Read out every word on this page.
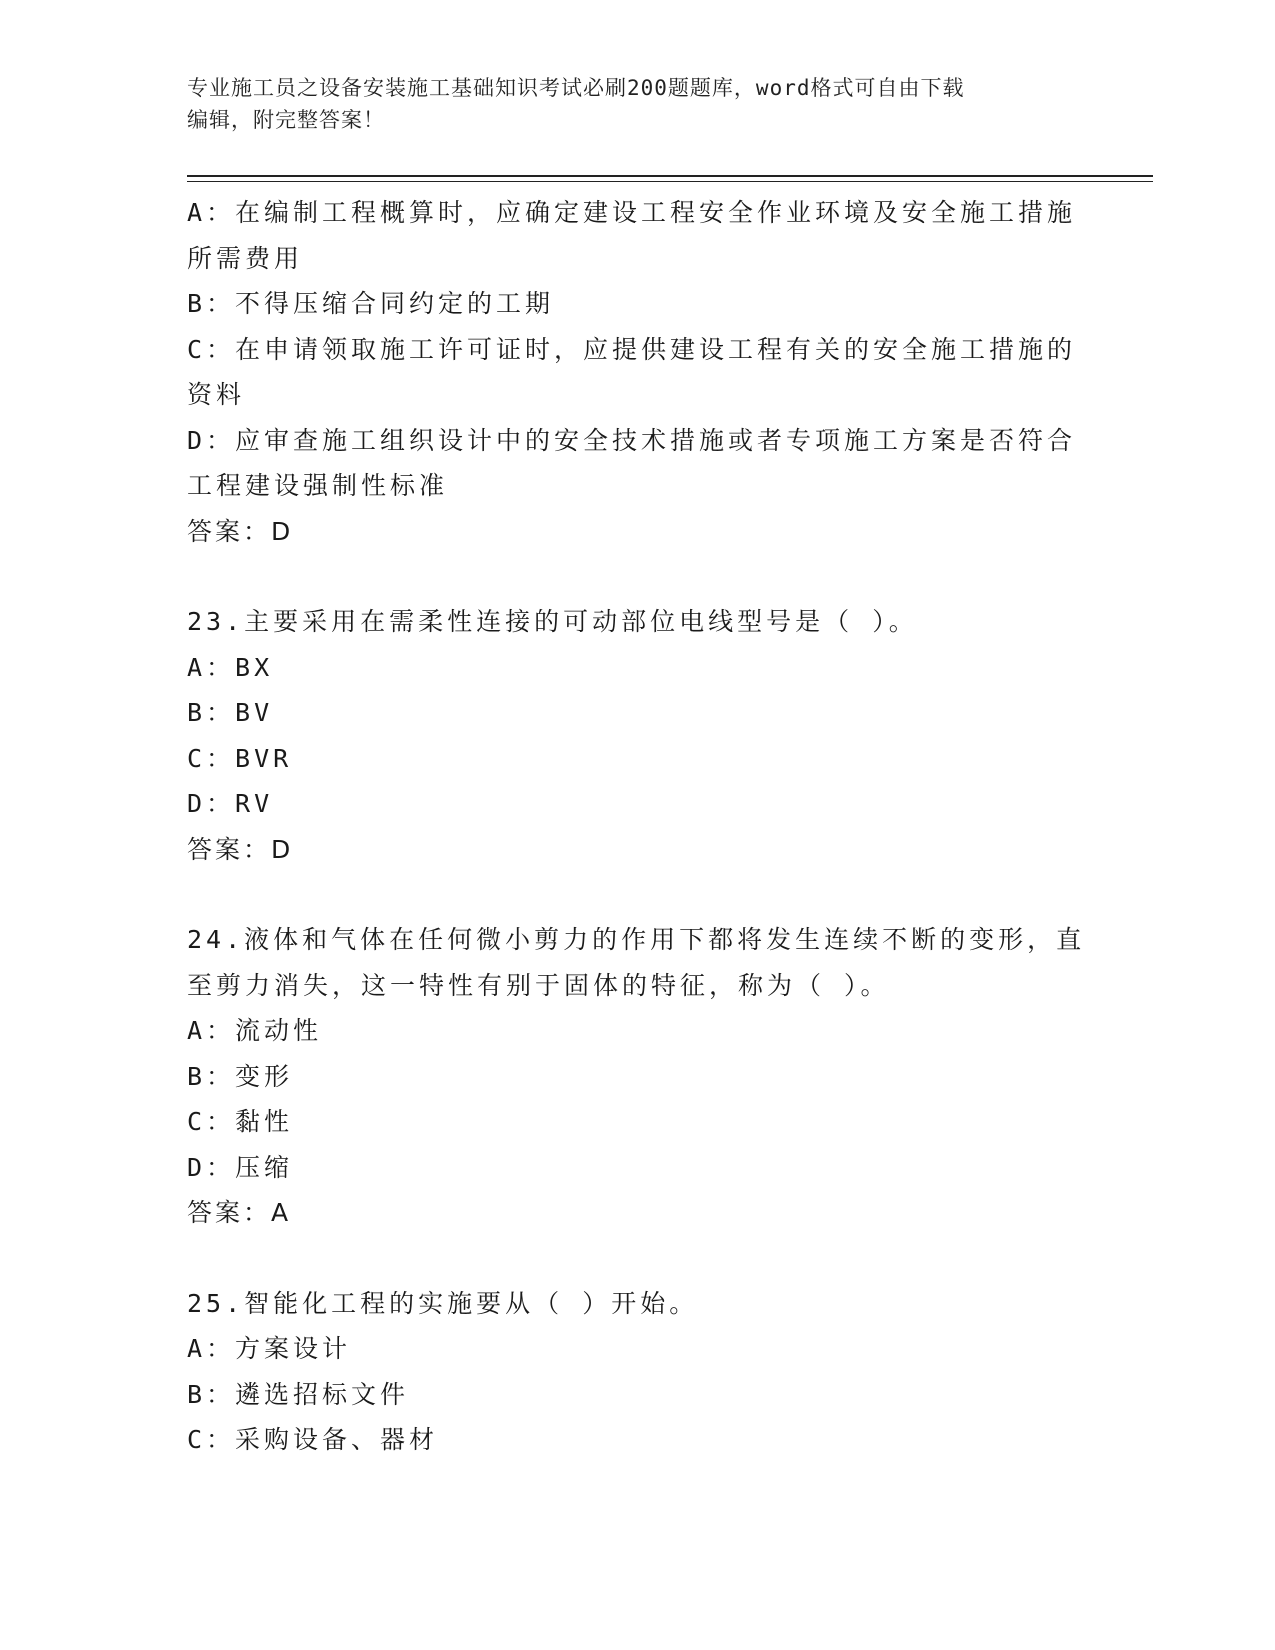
专业施工员之设备安装施工基础知识考试必刷200题题库，word格式可自由下载
编辑，附完整答案！
A：在编制工程概算时，应确定建设工程安全作业环境及安全施工措施
所需费用
B：不得压缩合同约定的工期
C：在申请领取施工许可证时，应提供建设工程有关的安全施工措施的
资料
D：应审查施工组织设计中的安全技术措施或者专项施工方案是否符合
工程建设强制性标准
答案：D
23.主要采用在需柔性连接的可动部位电线型号是（ ）。
A：BX
B：BV
C：BVR
D：RV
答案：D
24.液体和气体在任何微小剪力的作用下都将发生连续不断的变形，直
至剪力消失，这一特性有别于固体的特征，称为（ ）。
A：流动性
B：变形
C：黏性
D：压缩
答案：A
25.智能化工程的实施要从（ ）开始。
A：方案设计
B：遴选招标文件
C：采购设备、器材
